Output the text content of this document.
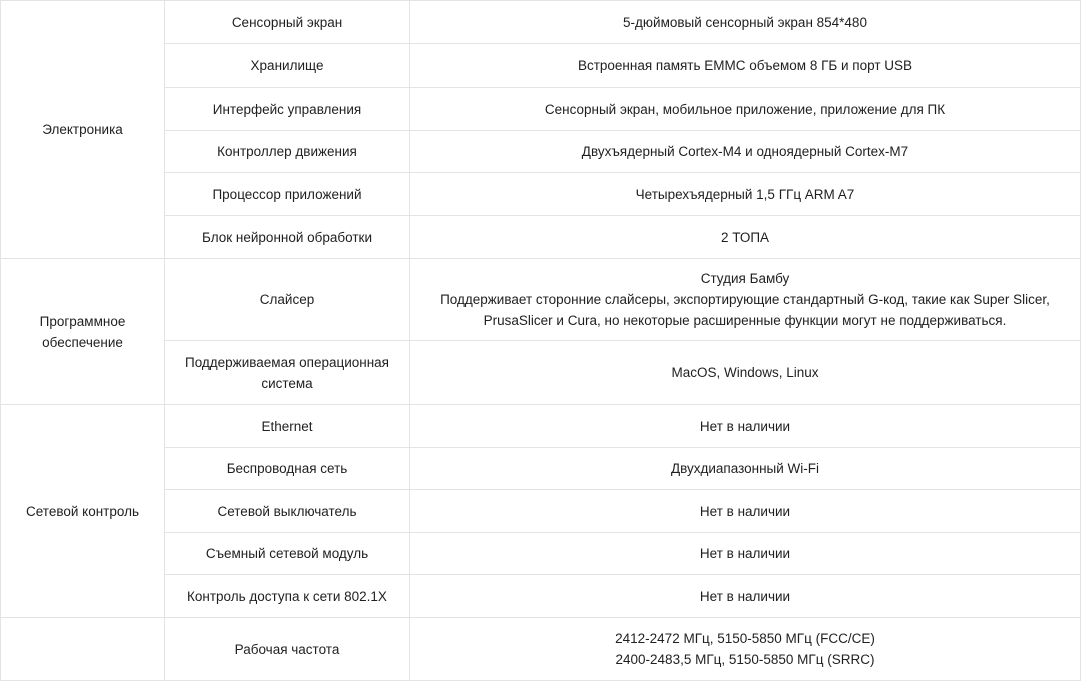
Электроника	Сенсорный экран	5-дюймовый сенсорный экран 854*480

	Хранилище	Встроенная память EMMC объемом 8 ГБ и порт USB

	Интерфейс управления	Сенсорный экран, мобильное приложение, приложение для ПК

	Контроллер движения	Двухъядерный Cortex-M4 и одноядерный Cortex-M7

	Процессор приложений	Четырехъядерный 1,5 ГГц ARM A7

	Блок нейронной обработки	2 ТОПА

Программное обеспечение	Слайсер	Студия Бамбу
Поддерживает сторонние слайсеры, экспортирующие стандартный G-код, такие как Super Slicer,
PrusaSlicer и Cura, но некоторые расширенные функции могут не поддерживаться.

	Поддерживаемая операционная система	MacOS, Windows, Linux

Сетевой контроль	Ethernet	Нет в наличии

	Беспроводная сеть	Двухдиапазонный Wi-Fi

	Сетевой выключатель	Нет в наличии

	Съемный сетевой модуль	Нет в наличии

	Контроль доступа к сети 802.1X	Нет в наличии

	Рабочая частота	2412-2472 МГц, 5150-5850 МГц (FCC/CE)
2400-2483,5 МГц, 5150-5850 МГц (SRRC)
